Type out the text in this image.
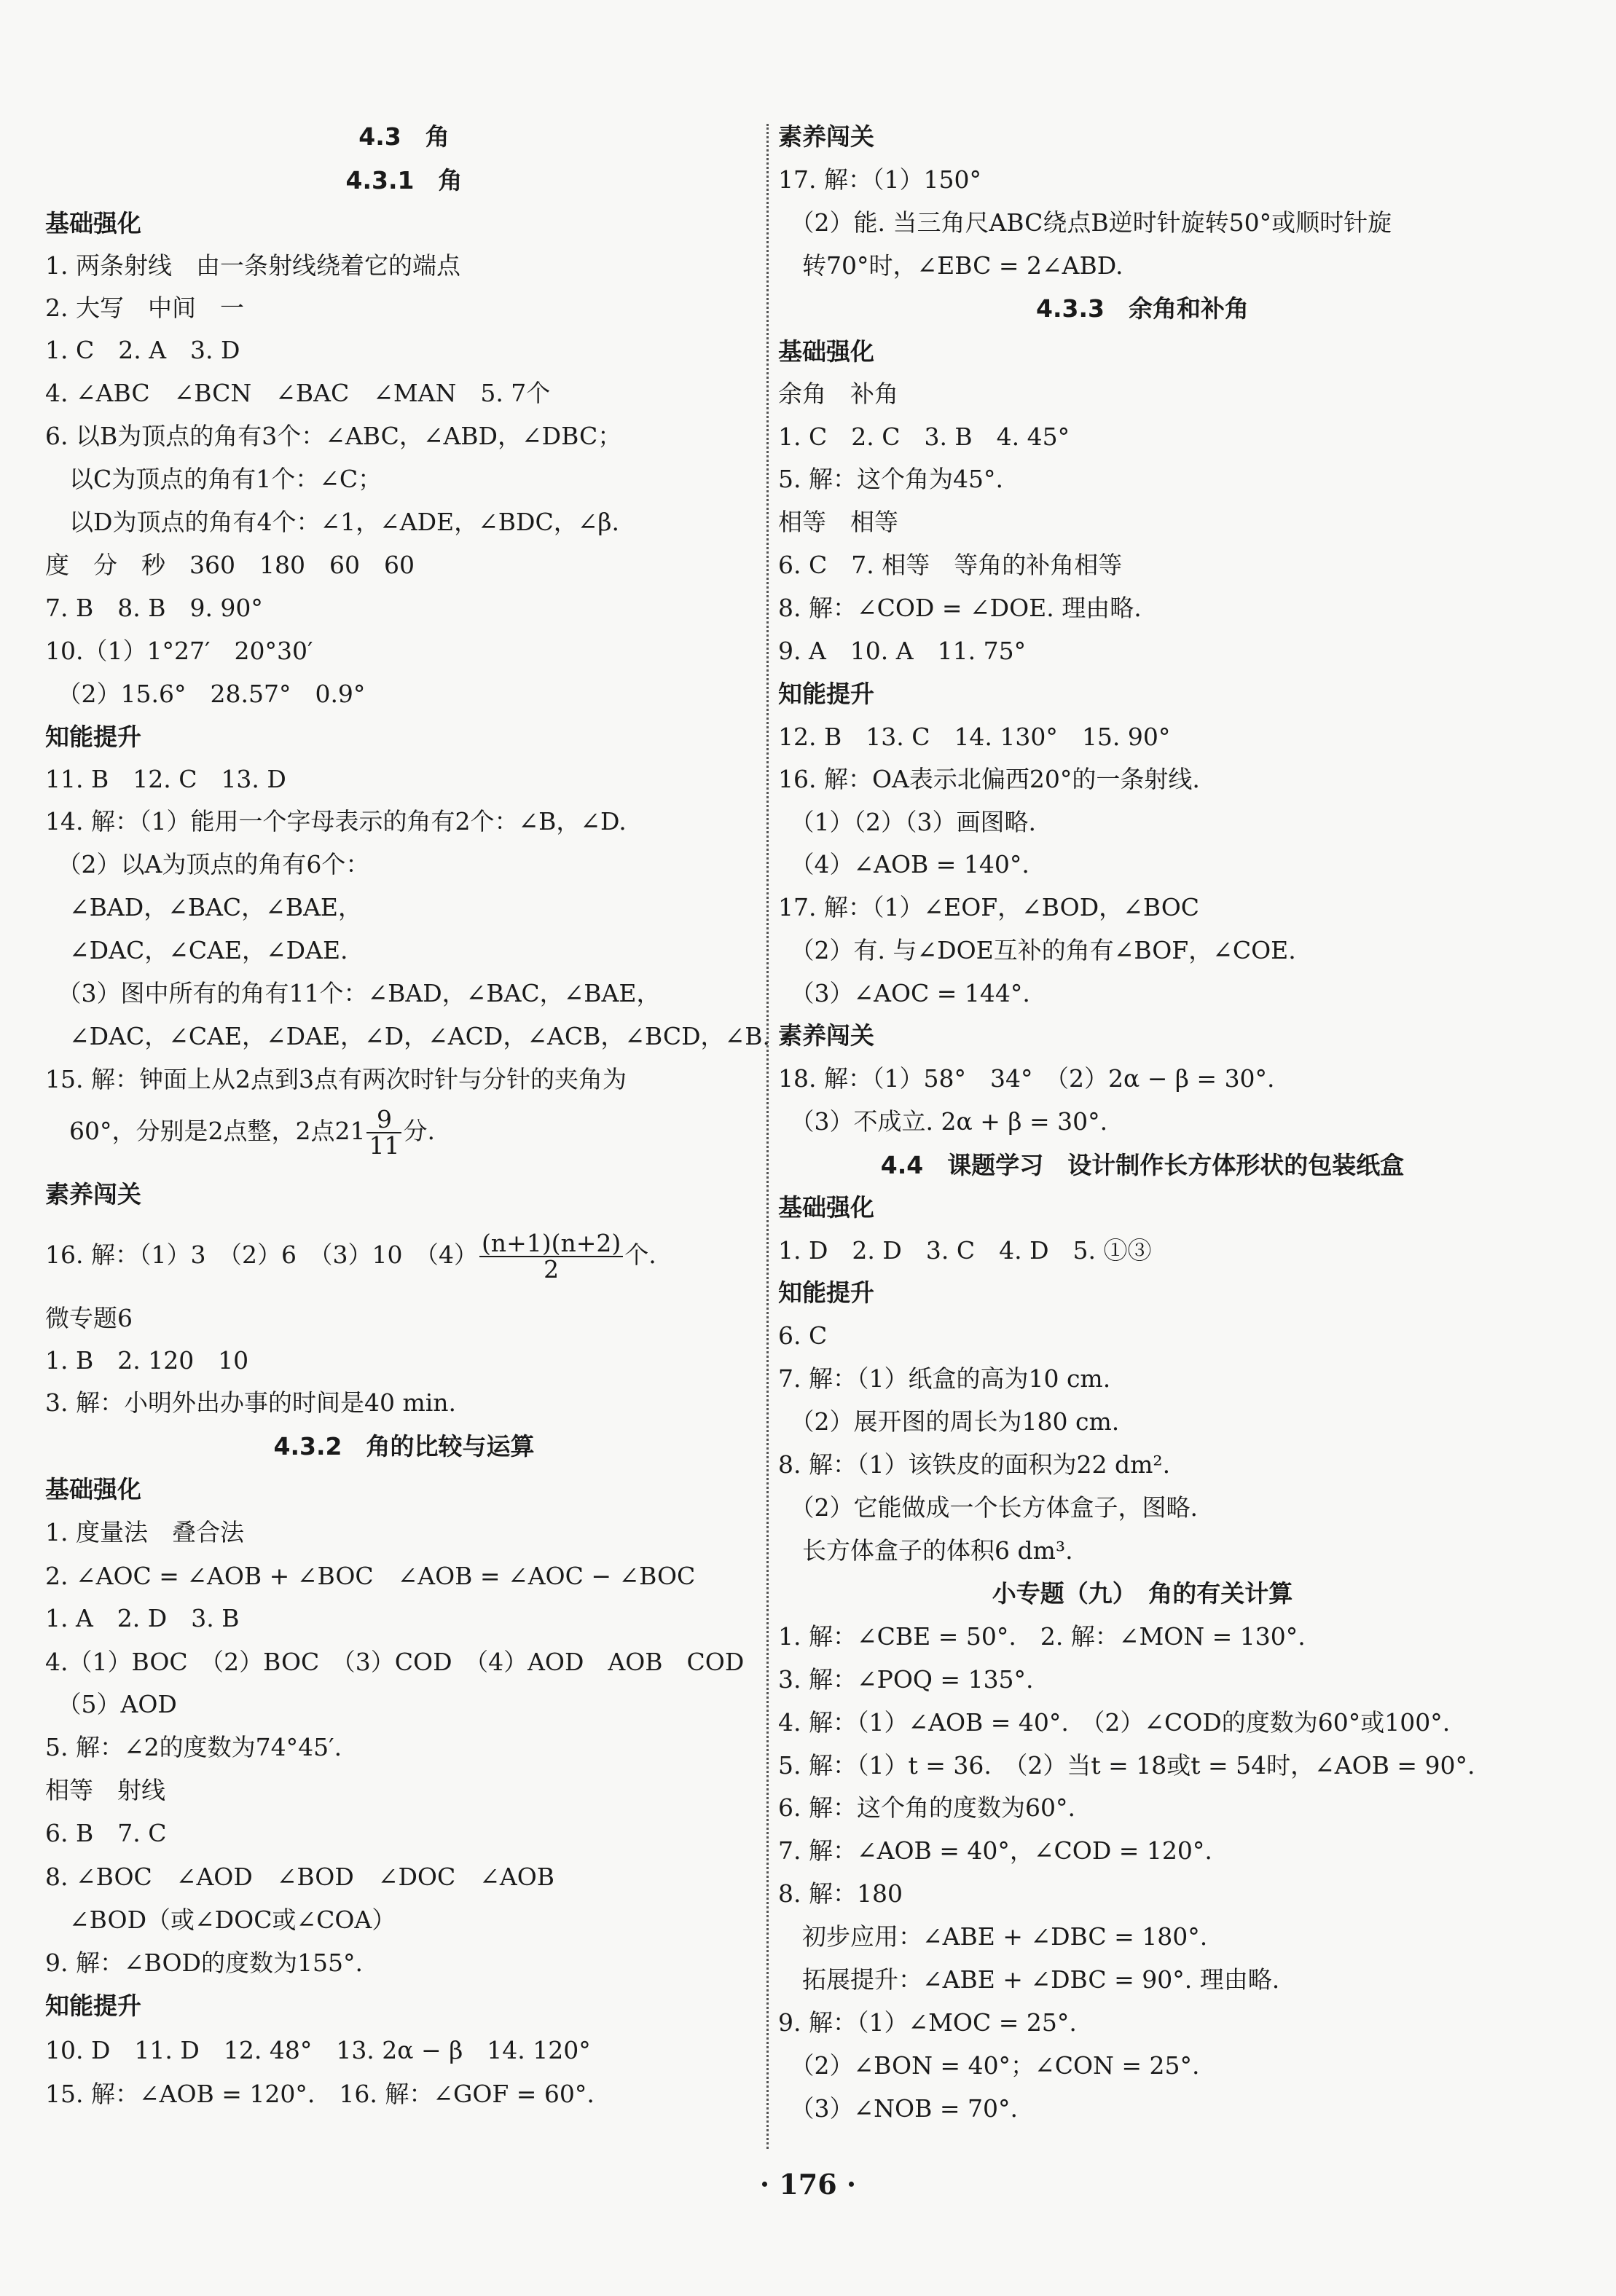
4.3　角
4.3.1　角
基础强化
1. 两条射线　由一条射线绕着它的端点
2. 大写　中间　一
1. C　2. A　3. D
4. ∠ABC　∠BCN　∠BAC　∠MAN　5. 7个
6. 以B为顶点的角有3个：∠ABC，∠ABD，∠DBC；
　以C为顶点的角有1个：∠C；
　以D为顶点的角有4个：∠1，∠ADE，∠BDC，∠β.
度　分　秒　360　180　60　60
7. B　8. B　9. 90°
10.（1）1°27′　20°30′
　（2）15.6°　28.57°　0.9°
知能提升
11. B　12. C　13. D
14. 解：（1）能用一个字母表示的角有2个：∠B，∠D.
　（2）以A为顶点的角有6个：
　∠BAD，∠BAC，∠BAE，
　∠DAC，∠CAE，∠DAE.
　（3）图中所有的角有11个：∠BAD，∠BAC，∠BAE，
　∠DAC，∠CAE，∠DAE，∠D，∠ACD，∠ACB，∠BCD，∠B.
15. 解：钟面上从2点到3点有两次时针与分针的夹角为
　60°，分别是2点整，2点$21 \frac{9}{11}$ 分.
素养闯关
16. 解：（1）3　（2）6　（3）10　$(4) \frac{(n+1)(n+2)}{2}$ 个.
微专题6
1. B　2. 120　10
3. 解：小明外出办事的时间是40 min.
4.3.2　角的比较与运算
基础强化
1. 度量法　叠合法
2. ∠AOC = ∠AOB + ∠BOC　∠AOB = ∠AOC − ∠BOC
1. A　2. D　3. B
4.（1）BOC　（2）BOC　（3）COD　（4）AOD　AOB　COD
　（5）AOD
5. 解：∠2的度数为74°45′.
相等　射线
6. B　7. C
8. ∠BOC　∠AOD　∠BOD　∠DOC　∠AOB
　∠BOD（或∠DOC或∠COA）
9. 解：∠BOD的度数为155°.
知能提升
10. D　11. D　12. 48°　13. 2α − β　14. 120°
15. 解：∠AOB = 120°.　16. 解：∠GOF = 60°.
素养闯关
17. 解：（1）150°
　（2）能. 当三角尺ABC绕点B逆时针旋转50°或顺时针旋
　转70°时，∠EBC = 2∠ABD.
4.3.3　余角和补角
基础强化
余角　补角
1. C　2. C　3. B　4. 45°
5. 解：这个角为45°.
相等　相等
6. C　7. 相等　等角的补角相等
8. 解：∠COD = ∠DOE. 理由略.
9. A　10. A　11. 75°
知能提升
12. B　13. C　14. 130°　15. 90°
16. 解：OA表示北偏西20°的一条射线.
　（1）（2）（3）画图略.
　（4）∠AOB = 140°.
17. 解：（1）∠EOF，∠BOD，∠BOC
　（2）有. 与∠DOE互补的角有∠BOF，∠COE.
　（3）∠AOC = 144°.
素养闯关
18. 解：（1）58°　34°　（2）2α − β = 30°.
　（3）不成立. 2α + β = 30°.
4.4　课题学习　设计制作长方体形状的包装纸盒
基础强化
1. D　2. D　3. C　4. D　5. ①③
知能提升
6. C
7. 解：（1）纸盒的高为10 cm.
　（2）展开图的周长为180 cm.
8. 解：（1）该铁皮的面积为22 dm².
　（2）它能做成一个长方体盒子，图略.
　长方体盒子的体积6 dm³.
小专题（九）　角的有关计算
1. 解：∠CBE = 50°.　2. 解：∠MON = 130°.
3. 解：∠POQ = 135°.
4. 解：（1）∠AOB = 40°.　（2）∠COD的度数为60°或100°.
5. 解：（1）t = 36.　（2）当t = 18或t = 54时，∠AOB = 90°.
6. 解：这个角的度数为60°.
7. 解：∠AOB = 40°，∠COD = 120°.
8. 解：180
　初步应用：∠ABE + ∠DBC = 180°.
　拓展提升：∠ABE + ∠DBC = 90°. 理由略.
9. 解：（1）∠MOC = 25°.
　（2）∠BON = 40°；∠CON = 25°.
　（3）∠NOB = 70°.
· 176 ·
